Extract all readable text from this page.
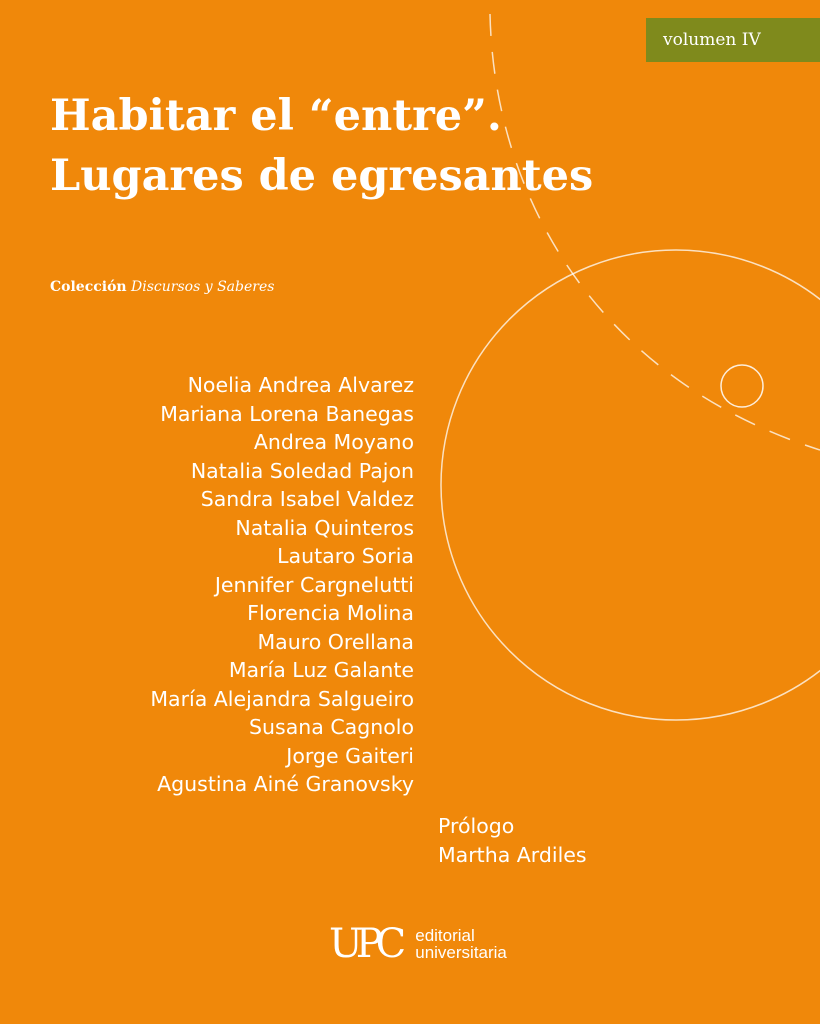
volumen IV
Habitar el “entre”.
Lugares de egresantes
Colección Discursos y Saberes
Noelia Andrea Alvarez
Mariana Lorena Banegas
Andrea Moyano
Natalia Soledad Pajon
Sandra Isabel Valdez
Natalia Quinteros
Lautaro Soria
Jennifer Cargnelutti
Florencia Molina
Mauro Orellana
María Luz Galante
María Alejandra Salgueiro
Susana Cagnolo
Jorge Gaiteri
Agustina Ainé Granovsky
Prólogo
Martha Ardiles
UPC editorial
universitaria
